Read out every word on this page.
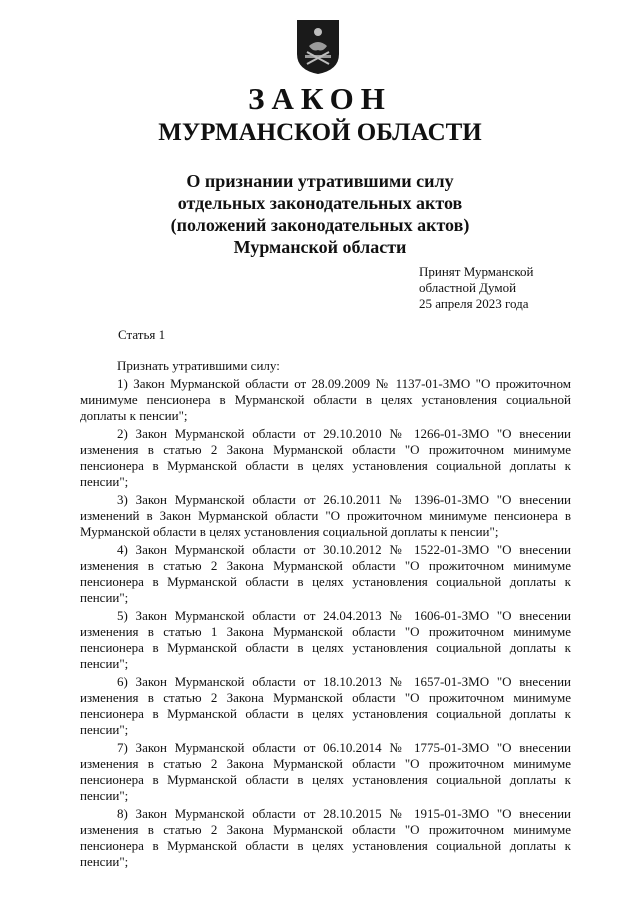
ЗАКОН
МУРМАНСКОЙ ОБЛАСТИ
О признании утратившими силу
отдельных законодательных актов
(положений законодательных актов)
Мурманской области
Принят Мурманской
областной Думой
25 апреля 2023 года
Статья 1

Признать утратившими силу:

1) Закон Мурманской области от 28.09.2009 № 1137-01-ЗМО "О прожиточном минимуме пенсионера в Мурманской области в целях установления социальной доплаты к пенсии";

2) Закон Мурманской области от 29.10.2010 № 1266-01-ЗМО "О внесении изменения в статью 2 Закона Мурманской области "О прожиточном минимуме пенсионера в Мурманской области в целях установления социальной доплаты к пенсии";

3) Закон Мурманской области от 26.10.2011 № 1396-01-ЗМО "О внесении изменений в Закон Мурманской области "О прожиточном минимуме пенсионера в Мурманской области в целях установления социальной доплаты к пенсии";

4) Закон Мурманской области от 30.10.2012 № 1522-01-ЗМО "О внесении изменения в статью 2 Закона Мурманской области "О прожиточном минимуме пенсионера в Мурманской области в целях установления социальной доплаты к пенсии";

5) Закон Мурманской области от 24.04.2013 № 1606-01-ЗМО "О внесении изменения в статью 1 Закона Мурманской области "О прожиточном минимуме пенсионера в Мурманской области в целях установления социальной доплаты к пенсии";

6) Закон Мурманской области от 18.10.2013 № 1657-01-ЗМО "О внесении изменения в статью 2 Закона Мурманской области "О прожиточном минимуме пенсионера в Мурманской области в целях установления социальной доплаты к пенсии";

7) Закон Мурманской области от 06.10.2014 № 1775-01-ЗМО "О внесении изменения в статью 2 Закона Мурманской области "О прожиточном минимуме пенсионера в Мурманской области в целях установления социальной доплаты к пенсии";

8) Закон Мурманской области от 28.10.2015 № 1915-01-ЗМО "О внесении изменения в статью 2 Закона Мурманской области "О прожиточном минимуме пенсионера в Мурманской области в целях установления социальной доплаты к пенсии";
